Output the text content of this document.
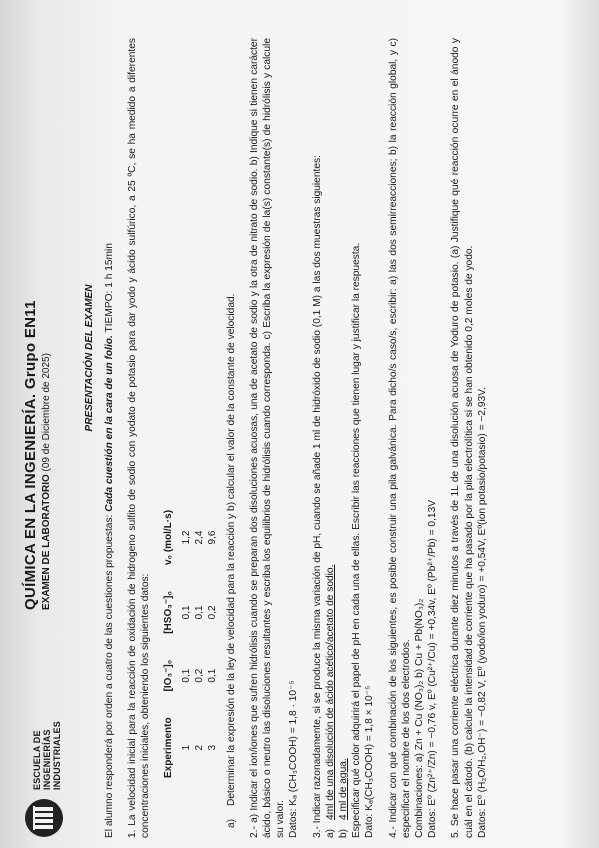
ESCUELA DE INGENIERÍAS INDUSTRIALES
QUÍMICA EN LA INGENIERÍA. Grupo EN11 EXAMEN DE LABORATORIO (09 de Diciembre de 2025)	PRESENTACIÓN DEL EXAMEN

El alumno responderá por orden a cuatro de las cuestiones propuestas: Cada cuestión en la cara de un folio. TIEMPO: 1 h 15min 1. La velocidad inicial para la reacción de oxidación de hidrogeno sulfito de sodio con yodato de potasio para dar yodo y ácido sulfúrico, a 25 ºC, se ha medido a diferentes concentraciones iniciales, obteniendo los siguientes datos: Experimento	[IO₃⁻]₀	[HSO₃⁻]₀	v₀ (mol/L·s)
1	0,1	0,1	1,2
2	0,2	0,1	2,4
3	0,1	0,2	9,6

a)Determinar la expresión de la ley de velocidad para la reacción y b) calcular el valor de la constante de velocidad. 2.- a) Indicar el ion/iones que sufren hidrólisis cuando se preparan dos disoluciones acuosas, una de acetato de sodio y la otra de nitrato de sodio. b) Indique si tienen carácter ácido, básico o neutro las disoluciones resultantes y escriba los equilibrios de hidrólisis cuando corresponda. c) Escriba la expresión de la(s) constante(s) de hidrólisis y calcule su valor. Datos: Kₐ (CH₃COOH) = 1,8 · 10⁻⁵ 3.- Indicar razonadamente, si se produce la misma variación de pH, cuando se añade 1 ml de hidróxido de sodio (0,1 M) a las dos muestras siguientes: a)4ml de una disolución de ácido acético/acetato de sodio.

b)4 ml de agua. Especificar qué color adquirirá el papel de pH en cada una de ellas. Escribir las reacciones que tienen lugar y justificar la respuesta. Dato: Kₐ(CH₃COOH) = 1,8 × 10⁻⁵ 4.- Indicar con qué combinación de los siguientes, es posible construir una pila galvánica. Para dicho/s caso/s, escribir: a) las dos semirreacciones; b) la reacción global, y c) especificar el nombre de los dos electrodos. Combinaciones: a) Zn + Cu (NO₃)₂ b) Cu + Pb(NO₃)₂ Datos: Eº (Zn²⁺/Zn) = −0,76 v, Eº (Cu²⁺/Cu) = +0,34v, Eº (Pb²⁺/Pb) = 0,13V 5. Se hace pasar una corriente eléctrica durante diez minutos a través de 1L de una disolución acuosa de Yoduro de potasio. (a) Justifique qué reacción ocurre en el ánodo y cuál en el cátodo. (b) calcule la intensidad de corriente que ha pasado por la pila electrolítica si se han obtenido 0,2 moles de yodo. Datos: Eº (H₂O/H₂,OH⁻) = −0,82 V, Eº (yodo/ion yoduro) = +0,54V, Eº(ion potasio/potasio) = −2,93V.
